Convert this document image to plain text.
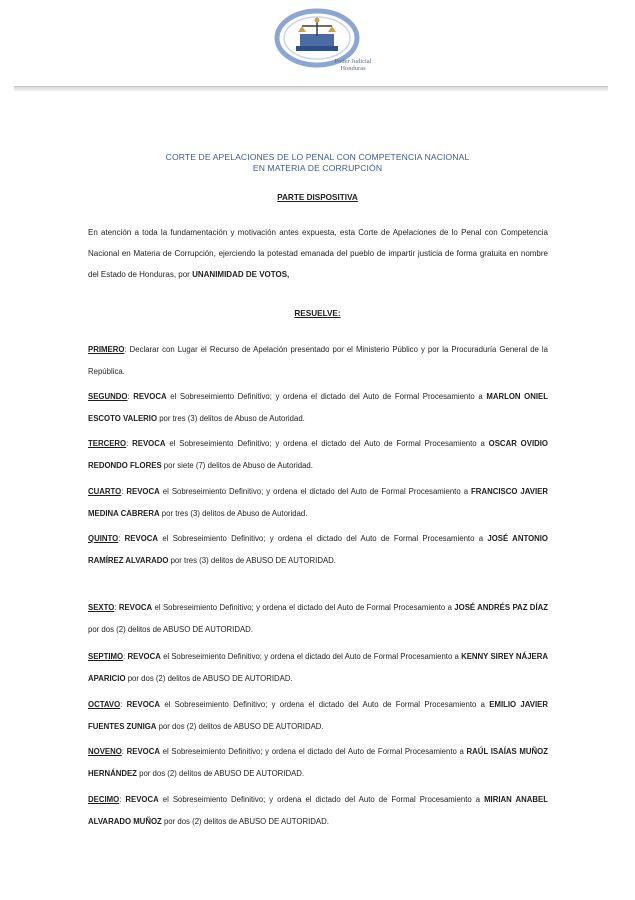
Poder Judicial
Honduras
CORTE DE APELACIONES DE LO PENAL CON COMPETENCIA NACIONAL
EN MATERIA DE CORRUPCIÓN
PARTE DISPOSITIVA
En atención a toda la fundamentación y motivación antes expuesta, esta Corte de Apelaciones de lo Penal con Competencia Nacional en Materia de Corrupción, ejerciendo la potestad emanada del pueblo de impartir justicia de forma gratuita en nombre del Estado de Honduras, por UNANIMIDAD DE VOTOS,
RESUELVE:
PRIMERO: Declarar con Lugar el Recurso de Apelación presentado por el Ministerio Público y por la Procuraduría General de la República.
SEGUNDO: REVOCA el Sobreseimiento Definitivo; y ordena el dictado del Auto de Formal Procesamiento a MARLON ONIEL ESCOTO VALERIO por tres (3) delitos de Abuso de Autoridad.
TERCERO: REVOCA el Sobreseimiento Definitivo; y ordena el dictado del Auto de Formal Procesamiento a OSCAR OVIDIO REDONDO FLORES por siete (7) delitos de Abuso de Autoridad.
CUARTO: REVOCA el Sobreseimiento Definitivo; y ordena el dictado del Auto de Formal Procesamiento a FRANCISCO JAVIER MEDINA CABRERA por tres (3) delitos de Abuso de Autoridad.
QUINTO: REVOCA el Sobreseimiento Definitivo; y ordena el dictado del Auto de Formal Procesamiento a JOSÉ ANTONIO RAMÍREZ ALVARADO por tres (3) delitos de ABUSO DE AUTORIDAD.
SEXTO: REVOCA el Sobreseimiento Definitivo; y ordena el dictado del Auto de Formal Procesamiento a JOSÉ ANDRÉS PAZ DÍAZ por dos (2) delitos de ABUSO DE AUTORIDAD.
SEPTIMO: REVOCA el Sobreseimiento Definitivo; y ordena el dictado del Auto de Formal Procesamiento a KENNY SIREY NÁJERA APARICIO por dos (2) delitos de ABUSO DE AUTORIDAD.
OCTAVO: REVOCA el Sobreseimiento Definitivo; y ordena el dictado del Auto de Formal Procesamiento a EMILIO JAVIER FUENTES ZUNIGA por dos (2) delitos de ABUSO DE AUTORIDAD.
NOVENO: REVOCA el Sobreseimiento Definitivo; y ordena el dictado del Auto de Formal Procesamiento a RAÚL ISAÍAS MUÑOZ HERNÁNDEZ por dos (2) delitos de ABUSO DE AUTORIDAD.
DECIMO: REVOCA el Sobreseimiento Definitivo; y ordena el dictado del Auto de Formal Procesamiento a MIRIAN ANABEL ALVARADO MUÑOZ por dos (2) delitos de ABUSO DE AUTORIDAD.
